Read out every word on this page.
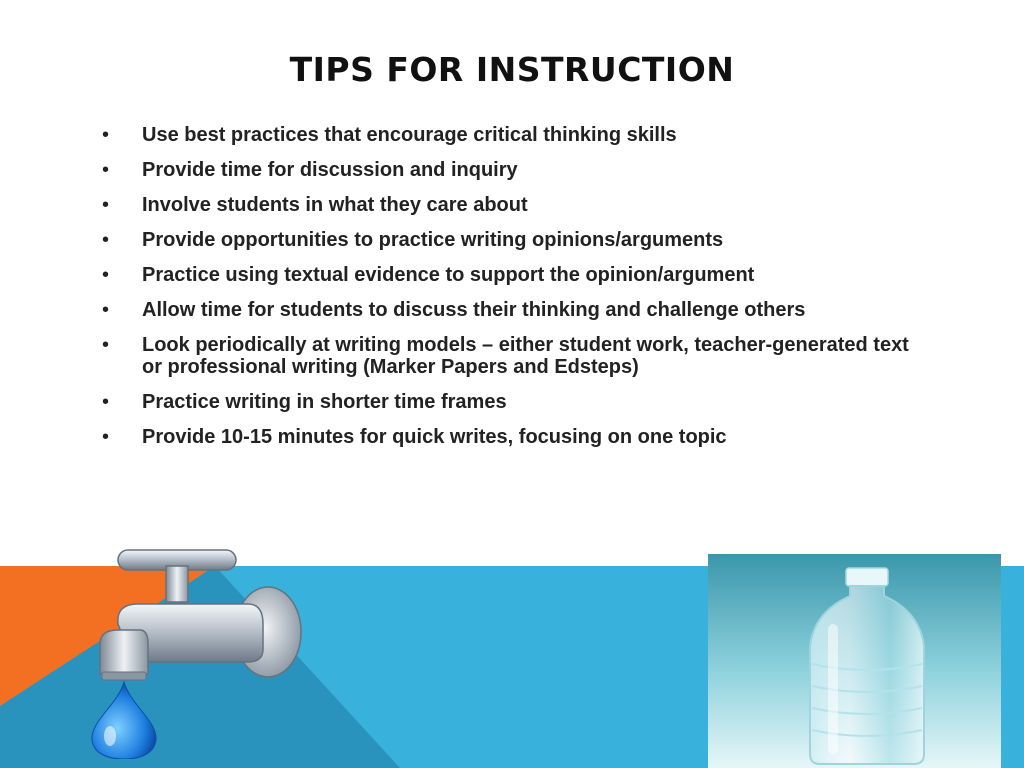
TIPS FOR INSTRUCTION
• Use best practices that encourage critical thinking skills
• Provide time for discussion and inquiry
• Involve students in what they care about
• Provide opportunities to practice writing opinions/arguments
• Practice using textual evidence to support the opinion/argument
• Allow time for students to discuss their thinking and challenge others
• Look periodically at writing models – either student work, teacher-generated text or professional writing (Marker Papers and Edsteps)
• Practice writing in shorter time frames
• Provide 10-15 minutes for quick writes, focusing on one topic
